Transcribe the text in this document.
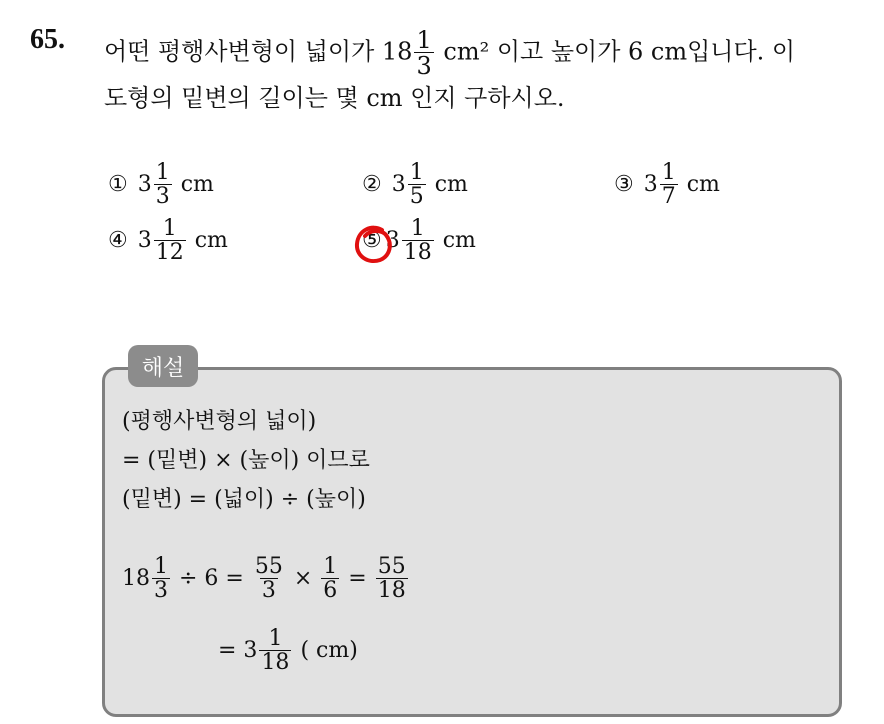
65. 어떤 평행사변형이 넓이가 $18 \frac{1}{3} cm^2$ 이고 높이가 6 cm입니다. 이
도형의 밑변의 길이는 몇 cm 인지 구하시오.
① $3 \frac{1}{3}$ cm	② $3 \frac{1}{5}$ cm	③ $3 \frac{1}{7}$ cm
④ $3 \frac{1}{12}$ cm	⑤ $3 \frac{1}{18}$ cm
해설
(평행사변형의 넓이)
= (밑변) × (높이) 이므로
(밑변) = (넓이) ÷ (높이)
$18 \frac{1}{3} \div 6 = \frac{55}{3} \times \frac{1}{6} = \frac{55}{18}$
= $3 \frac{1}{18}$ ( cm)
